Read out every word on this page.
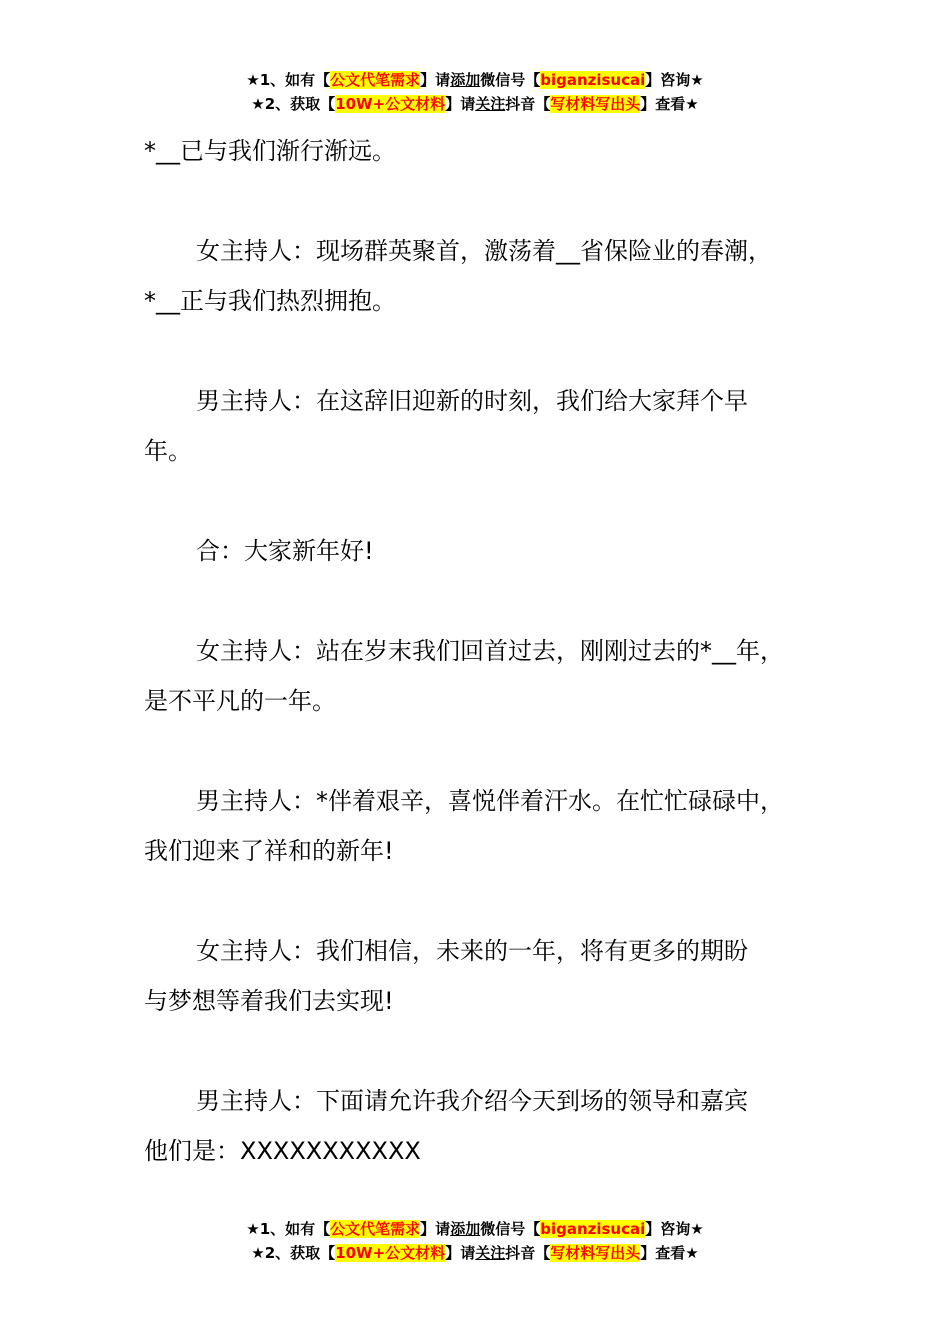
★1、如有【公文代笔需求】请添加微信号【biganzisucai】咨询★
★2、获取【10W+公文材料】请关注抖音【写材料写出头】查看★

*__已与我们渐行渐远。

女主持人：现场群英聚首，激荡着__省保险业的春潮，
*__正与我们热烈拥抱。

男主持人：在这辞旧迎新的时刻，我们给大家拜个早
年。

合：大家新年好!

女主持人：站在岁末我们回首过去，刚刚过去的*__年，
是不平凡的一年。

男主持人：*伴着艰辛，喜悦伴着汗水。在忙忙碌碌中，
我们迎来了祥和的新年!

女主持人：我们相信，未来的一年，将有更多的期盼
与梦想等着我们去实现!

男主持人：下面请允许我介绍今天到场的领导和嘉宾
他们是：XXXXXXXXXXX

★1、如有【公文代笔需求】请添加微信号【biganzisucai】咨询★
★2、获取【10W+公文材料】请关注抖音【写材料写出头】查看★
